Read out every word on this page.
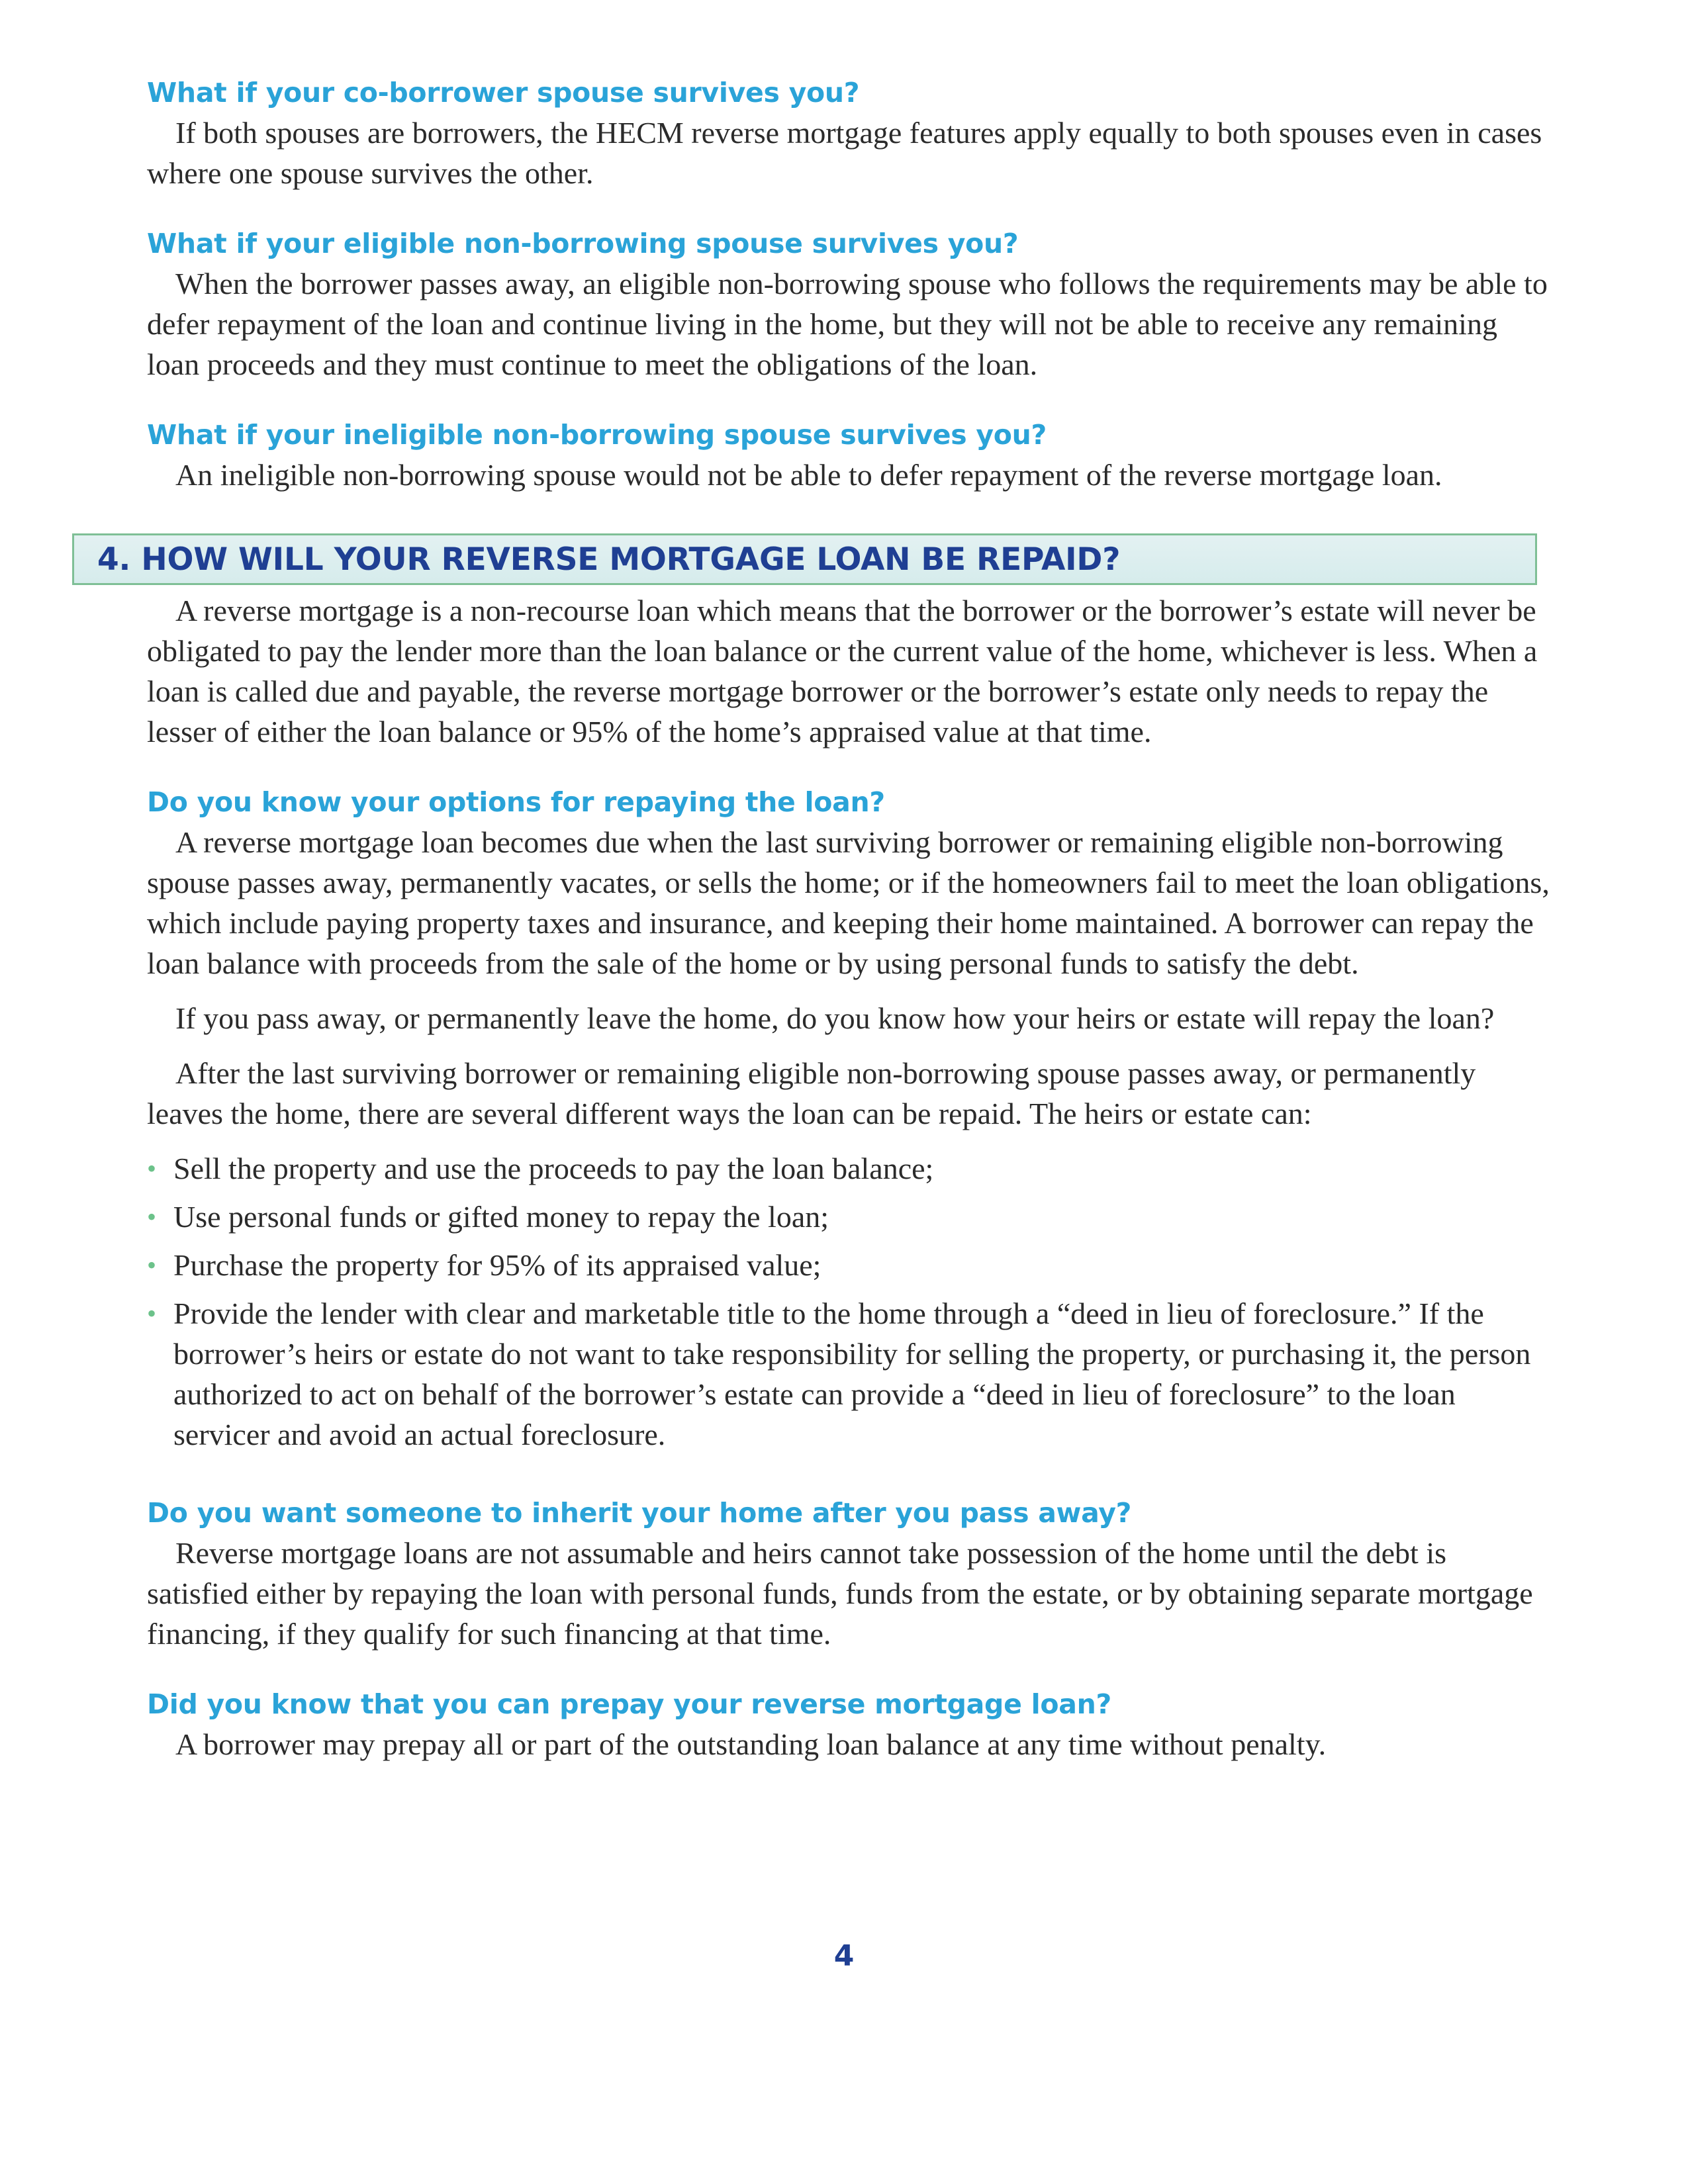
What if your co-borrower spouse survives you?

If both spouses are borrowers, the HECM reverse mortgage features apply equally to both spouses even in cases where one spouse survives the other.

What if your eligible non-borrowing spouse survives you?

When the borrower passes away, an eligible non-borrowing spouse who follows the requirements may be able to defer repayment of the loan and continue living in the home, but they will not be able to receive any remaining loan proceeds and they must continue to meet the obligations of the loan.

What if your ineligible non-borrowing spouse survives you?

An ineligible non-borrowing spouse would not be able to defer repayment of the reverse mortgage loan.

4. HOW WILL YOUR REVERSE MORTGAGE LOAN BE REPAID?

A reverse mortgage is a non-recourse loan which means that the borrower or the borrower’s estate will never be obligated to pay the lender more than the loan balance or the current value of the home, whichever is less. When a loan is called due and payable, the reverse mortgage borrower or the borrower’s estate only needs to repay the lesser of either the loan balance or 95% of the home’s appraised value at that time.

Do you know your options for repaying the loan?

A reverse mortgage loan becomes due when the last surviving borrower or remaining eligible non-borrowing spouse passes away, permanently vacates, or sells the home; or if the homeowners fail to meet the loan obligations, which include paying property taxes and insurance, and keeping their home maintained. A borrower can repay the loan balance with proceeds from the sale of the home or by using personal funds to satisfy the debt.

If you pass away, or permanently leave the home, do you know how your heirs or estate will repay the loan?

After the last surviving borrower or remaining eligible non-borrowing spouse passes away, or permanently leaves the home, there are several different ways the loan can be repaid. The heirs or estate can:

• Sell the property and use the proceeds to pay the loan balance;
• Use personal funds or gifted money to repay the loan;
• Purchase the property for 95% of its appraised value;
• Provide the lender with clear and marketable title to the home through a “deed in lieu of foreclosure.” If the borrower’s heirs or estate do not want to take responsibility for selling the property, or purchasing it, the person authorized to act on behalf of the borrower’s estate can provide a “deed in lieu of foreclosure” to the loan servicer and avoid an actual foreclosure.
Do you want someone to inherit your home after you pass away?

Reverse mortgage loans are not assumable and heirs cannot take possession of the home until the debt is satisfied either by repaying the loan with personal funds, funds from the estate, or by obtaining separate mortgage financing, if they qualify for such financing at that time.

Did you know that you can prepay your reverse mortgage loan?

A borrower may prepay all or part of the outstanding loan balance at any time without penalty.

4
